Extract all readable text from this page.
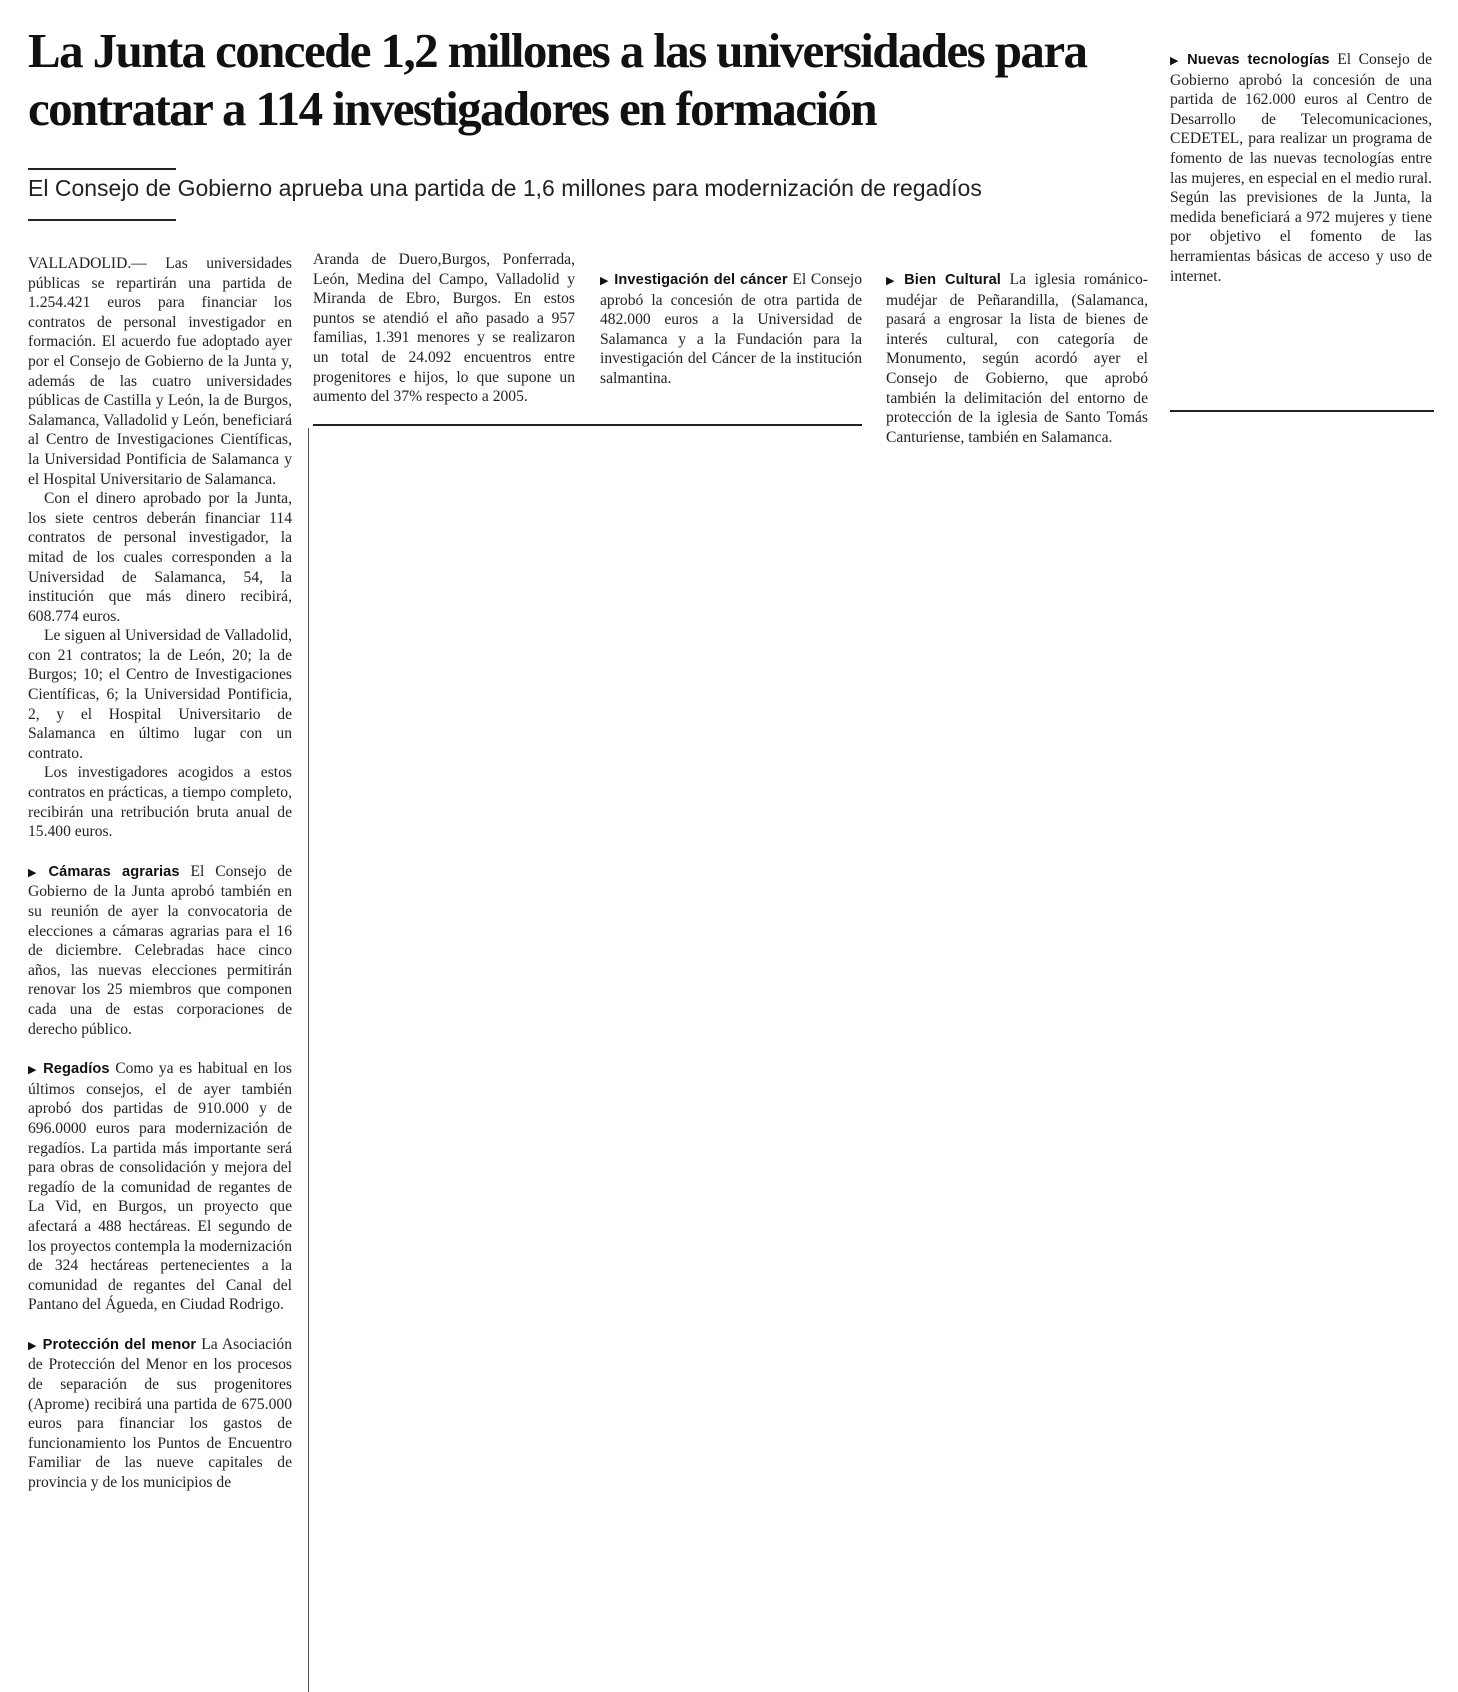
La Junta concede 1,2 millones a las universidades para contratar a 114 investigadores en formación

El Consejo de Gobierno aprueba una partida de 1,6 millones para modernización de regadíos

VALLADOLID.— Las universidades públicas se repartirán una partida de 1.254.421 euros para financiar los contratos de personal investigador en formación. El acuerdo fue adoptado ayer por el Consejo de Gobierno de la Junta y, además de las cuatro universidades públicas de Castilla y León, la de Burgos, Salamanca, Valladolid y León, beneficiará al Centro de Investigaciones Científicas, la Universidad Pontificia de Salamanca y el Hospital Universitario de Salamanca.

Con el dinero aprobado por la Junta, los siete centros deberán financiar 114 contratos de personal investigador, la mitad de los cuales corresponden a la Universidad de Salamanca, 54, la institución que más dinero recibirá, 608.774 euros.

Le siguen al Universidad de Valladolid, con 21 contratos; la de León, 20; la de Burgos; 10; el Centro de Investigaciones Científicas, 6; la Universidad Pontificia, 2, y el Hospital Universitario de Salamanca en último lugar con un contrato.

Los investigadores acogidos a estos contratos en prácticas, a tiempo completo, recibirán una retribución bruta anual de 15.400 euros.

▶ Cámaras agrarias El Consejo de Gobierno de la Junta aprobó también en su reunión de ayer la convocatoria de elecciones a cámaras agrarias para el 16 de diciembre. Celebradas hace cinco años, las nuevas elecciones permitirán renovar los 25 miembros que componen cada una de estas corporaciones de derecho público.

▶ Regadíos Como ya es habitual en los últimos consejos, el de ayer también aprobó dos partidas de 910.000 y de 696.0000 euros para modernización de regadíos. La partida más importante será para obras de consolidación y mejora del regadío de la comunidad de regantes de La Vid, en Burgos, un proyecto que afectará a 488 hectáreas. El segundo de los proyectos contempla la modernización de 324 hectáreas pertenecientes a la comunidad de regantes del Canal del Pantano del Águeda, en Ciudad Rodrigo.

▶ Protección del menor La Asociación de Protección del Menor en los procesos de separación de sus progenitores (Aprome) recibirá una partida de 675.000 euros para financiar los gastos de funcionamiento los Puntos de Encuentro Familiar de las nueve capitales de provincia y de los municipios de

Aranda de Duero,Burgos, Ponferrada, León, Medina del Campo, Valladolid y Miranda de Ebro, Burgos. En estos puntos se atendió el año pasado a 957 familias, 1.391 menores y se realizaron un total de 24.092 encuentros entre progenitores e hijos, lo que supone un aumento del 37% respecto a 2005.

▶ Investigación del cáncer El Consejo aprobó la concesión de otra partida de 482.000 euros a la Universidad de Salamanca y a la Fundación para la investigación del Cáncer de la institución salmantina.

▶ Bien Cultural La iglesia románico-mudéjar de Peñarandilla, (Salamanca, pasará a engrosar la lista de bienes de interés cultural, con categoría de Monumento, según acordó ayer el Consejo de Gobierno, que aprobó también la delimitación del entorno de protección de la iglesia de Santo Tomás Canturiense, también en Salamanca.

▶ Nuevas tecnologías El Consejo de Gobierno aprobó la concesión de una partida de 162.000 euros al Centro de Desarrollo de Telecomunicaciones, CEDETEL, para realizar un programa de fomento de las nuevas tecnologías entre las mujeres, en especial en el medio rural. Según las previsiones de la Junta, la medida beneficiará a 972 mujeres y tiene por objetivo el fomento de las herramientas básicas de acceso y uso de internet.
